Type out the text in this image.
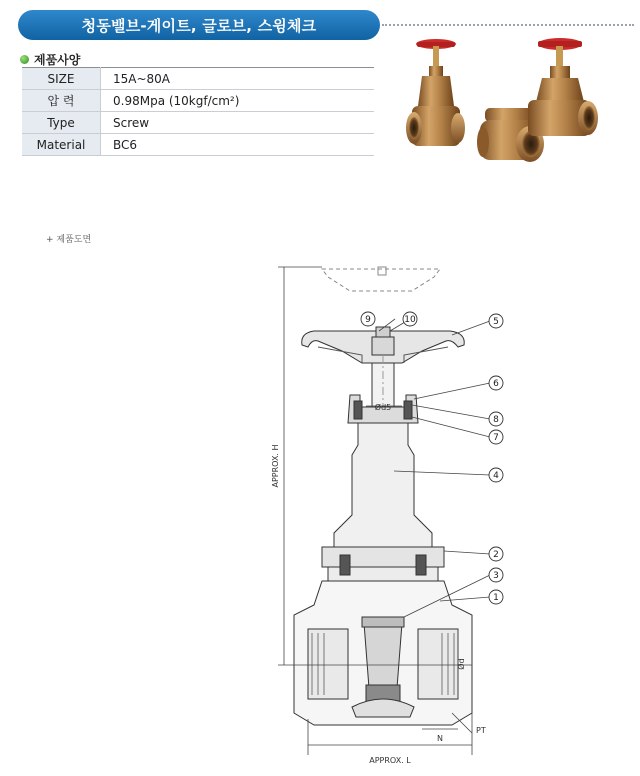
청동밸브-게이트, 글로브, 스윙체크
제품사양
SIZE	15A~80A
압 력	0.98Mpa (10kgf/cm²)
Type	Screw
Material	BC6
+ 제품도면
9	10	5
6
8
7
4
2
3
1
Ød5
APPROX. H
Ød
N
PT
APPROX. L
